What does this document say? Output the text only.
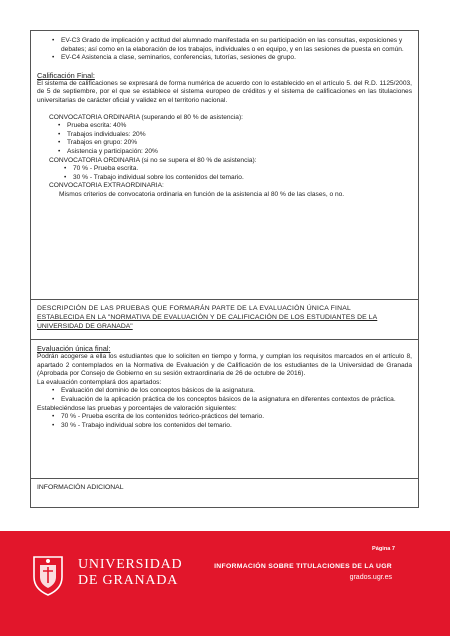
• EV-C3 Grado de implicación y actitud del alumnado manifestada en su participación en las consultas, exposiciones y debates; así como en la elaboración de los trabajos, individuales o en equipo, y en las sesiones de puesta en común.
• EV-C4 Asistencia a clase, seminarios, conferencias, tutorías, sesiones de grupo.
Calificación Final:
El sistema de calificaciones se expresará de forma numérica de acuerdo con lo establecido en el artículo 5. del R.D. 1125/2003, de 5 de septiembre, por el que se establece el sistema europeo de créditos y el sistema de calificaciones en las titulaciones universitarias de carácter oficial y validez en el territorio nacional.
CONVOCATORIA ORDINARIA (superando el 80 % de asistencia):
• Prueba escrita: 40%
• Trabajos individuales: 20%
• Trabajos en grupo: 20%
• Asistencia y participación: 20%
CONVOCATORIA ORDINARIA (si no se supera el 80 % de asistencia):
• 70 % - Prueba escrita.
• 30 % - Trabajo individual sobre los contenidos del temario.
CONVOCATORIA EXTRAORDINARIA:
Mismos criterios de convocatoria ordinaria en función de la asistencia al 80 % de las clases, o no.
DESCRIPCIÓN DE LAS PRUEBAS QUE FORMARÁN PARTE DE LA EVALUACIÓN ÚNICA FINAL
ESTABLECIDA EN LA "NORMATIVA DE EVALUACIÓN Y DE CALIFICACIÓN DE LOS ESTUDIANTES DE LA
UNIVERSIDAD DE GRANADA"
Evaluación única final:
Podrán acogerse a ella los estudiantes que lo soliciten en tiempo y forma, y cumplan los requisitos marcados en el artículo 8, apartado 2 contemplados en la Normativa de Evaluación y de Calificación de los estudiantes de la Universidad de Granada (Aprobada por Consejo de Gobierno en su sesión extraordinaria de 26 de octubre de 2016).
La evaluación contemplará dos apartados:
• Evaluación del dominio de los conceptos básicos de la asignatura.
• Evaluación de la aplicación práctica de los conceptos básicos de la asignatura en diferentes contextos de práctica.
Estableciéndose las pruebas y porcentajes de valoración siguientes:
• 70 % - Prueba escrita de los contenidos teórico-prácticos del temario.
• 30 % - Trabajo individual sobre los contenidos del temario.
INFORMACIÓN ADICIONAL
UNIVERSIDAD
DE GRANADA
Página 7
INFORMACIÓN SOBRE TITULACIONES DE LA UGR
grados.ugr.es
